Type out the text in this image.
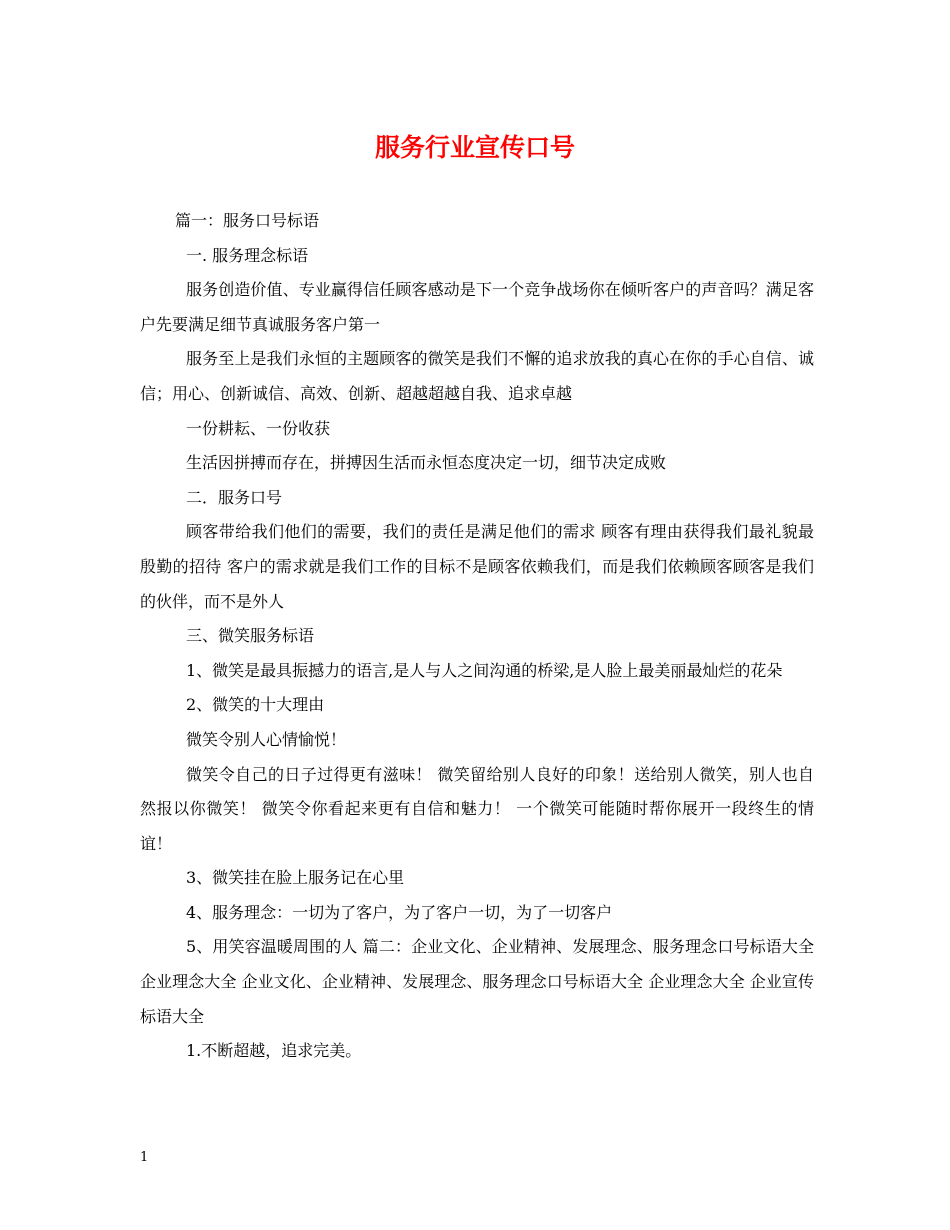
服务行业宣传口号

篇一：服务口号标语

一. 服务理念标语

服务创造价值、专业赢得信任顾客感动是下一个竞争战场你在倾听客户的声音吗？满足客户先要满足细节真诚服务客户第一

服务至上是我们永恒的主题顾客的微笑是我们不懈的追求放我的真心在你的手心自信、诚信；用心、创新诚信、高效、创新、超越超越自我、追求卓越

一份耕耘、一份收获

生活因拼搏而存在，拼搏因生活而永恒态度决定一切，细节决定成败

二．服务口号

顾客带给我们他们的需要，我们的责任是满足他们的需求 顾客有理由获得我们最礼貌最殷勤的招待 客户的需求就是我们工作的目标不是顾客依赖我们，而是我们依赖顾客顾客是我们的伙伴，而不是外人

三、微笑服务标语

1、微笑是最具振撼力的语言,是人与人之间沟通的桥梁,是人脸上最美丽最灿烂的花朵

2、微笑的十大理由

微笑令别人心情愉悦！

微笑令自己的日子过得更有滋味！ 微笑留给别人良好的印象！送给别人微笑，别人也自然报以你微笑！ 微笑令你看起来更有自信和魅力！ 一个微笑可能随时帮你展开一段终生的情谊！

3、微笑挂在脸上服务记在心里

4、服务理念：一切为了客户，为了客户一切，为了一切客户

5、用笑容温暖周围的人 篇二：企业文化、企业精神、发展理念、服务理念口号标语大全 企业理念大全 企业文化、企业精神、发展理念、服务理念口号标语大全 企业理念大全 企业宣传标语大全

1.不断超越，追求完美。

1
